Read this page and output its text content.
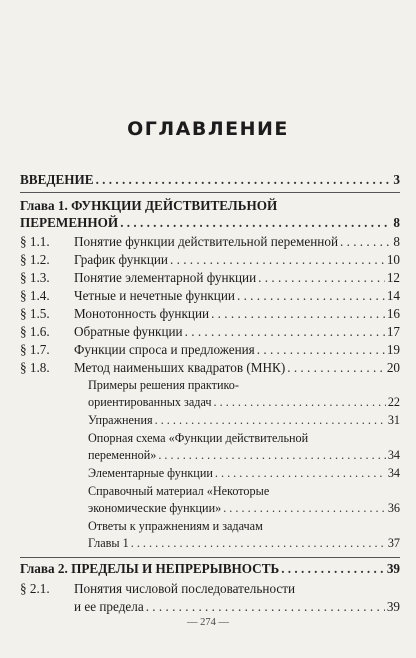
ОГЛАВЛЕНИЕ
ВВЕДЕНИЕ . . .	3
Глава 1. ФУНКЦИИ ДЕЙСТВИТЕЛЬНОЙ
ПЕРЕМЕННОЙ . . .	8
§ 1.1. Понятие функции действительной переменной . . .	8
§ 1.2. График функции . . .	10
§ 1.3. Понятие элементарной функции . . .	12
§ 1.4. Четные и нечетные функции . . .	14
§ 1.5. Монотонность функции . . .	16
§ 1.6. Обратные функции . . .	17
§ 1.7. Функции спроса и предложения . . .	19
§ 1.8. Метод наименьших квадратов (МНК) . . .	20
Примеры решения практико-
ориентированных задач . . .	22
Упражнения . . .	31
Опорная схема «Функции действительной
переменной» . . .	34
Элементарные функции . . .	34
Справочный материал «Некоторые
экономические функции» . . .	36
Ответы к упражнениям и задачам
Главы 1 . . .	37
Глава 2. ПРЕДЕЛЫ И НЕПРЕРЫВНОСТЬ . . .	39
§ 2.1. Понятия числовой последовательности
и ее предела . . .	39
— 274 —
